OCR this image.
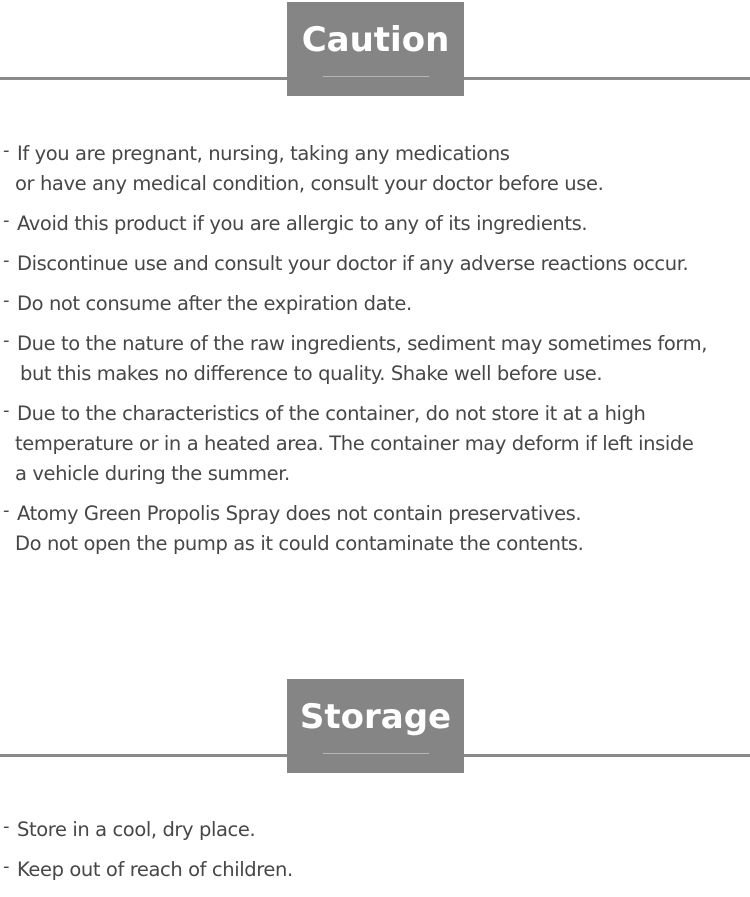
Caution
- If you are pregnant, nursing, taking any medications
or have any medical condition, consult your doctor before use.
- Avoid this product if you are allergic to any of its ingredients.
- Discontinue use and consult your doctor if any adverse reactions occur.
- Do not consume after the expiration date.
- Due to the nature of the raw ingredients, sediment may sometimes form,
but this makes no difference to quality. Shake well before use.
- Due to the characteristics of the container, do not store it at a high
temperature or in a heated area. The container may deform if left inside
a vehicle during the summer.
- Atomy Green Propolis Spray does not contain preservatives.
Do not open the pump as it could contaminate the contents.
Storage
- Store in a cool, dry place.
- Keep out of reach of children.
